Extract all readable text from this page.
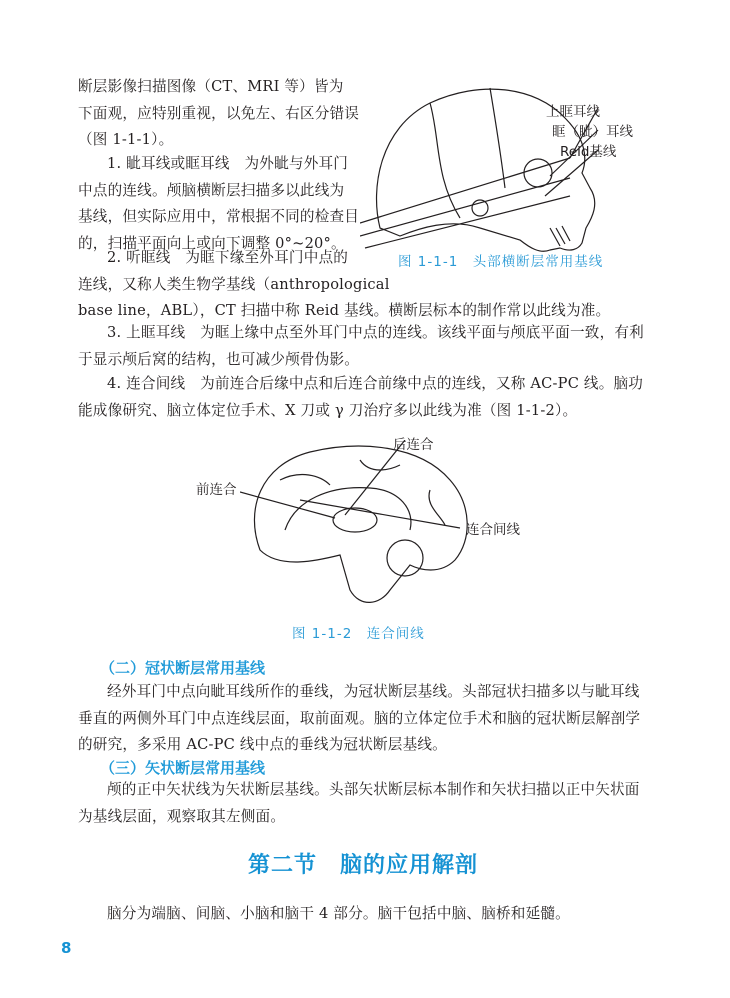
断层影像扫描图像（CT、MRI 等）皆为

下面观，应特别重视，以免左、右区分错误

（图 1-1-1）。

1. 眦耳线或眶耳线　为外眦与外耳门

中点的连线。颅脑横断层扫描多以此线为

基线，但实际应用中，常根据不同的检查目

的，扫描平面向上或向下调整 0°~20°。

2. 听眶线　为眶下缘至外耳门中点的

连线，又称人类生物学基线（anthropological

base line，ABL），CT 扫描中称 Reid 基线。横断层标本的制作常以此线为准。

3. 上眶耳线　为眶上缘中点至外耳门中点的连线。该线平面与颅底平面一致，有利

于显示颅后窝的结构，也可减少颅骨伪影。

4. 连合间线　为前连合后缘中点和后连合前缘中点的连线，又称 AC-PC 线。脑功

能成像研究、脑立体定位手术、X 刀或 γ 刀治疗多以此线为准（图 1-1-2）。

上眶耳线
眶（眦）耳线
Reid基线
图 1-1-1　头部横断层常用基线
后连合
前连合
连合间线
图 1-1-2　连合间线
（二）冠状断层常用基线

经外耳门中点向眦耳线所作的垂线，为冠状断层基线。头部冠状扫描多以与眦耳线

垂直的两侧外耳门中点连线层面，取前面观。脑的立体定位手术和脑的冠状断层解剖学

的研究，多采用 AC-PC 线中点的垂线为冠状断层基线。

（三）矢状断层常用基线

颅的正中矢状线为矢状断层基线。头部矢状断层标本制作和矢状扫描以正中矢状面

为基线层面，观察取其左侧面。

第二节　脑的应用解剖

脑分为端脑、间脑、小脑和脑干 4 部分。脑干包括中脑、脑桥和延髓。

8
